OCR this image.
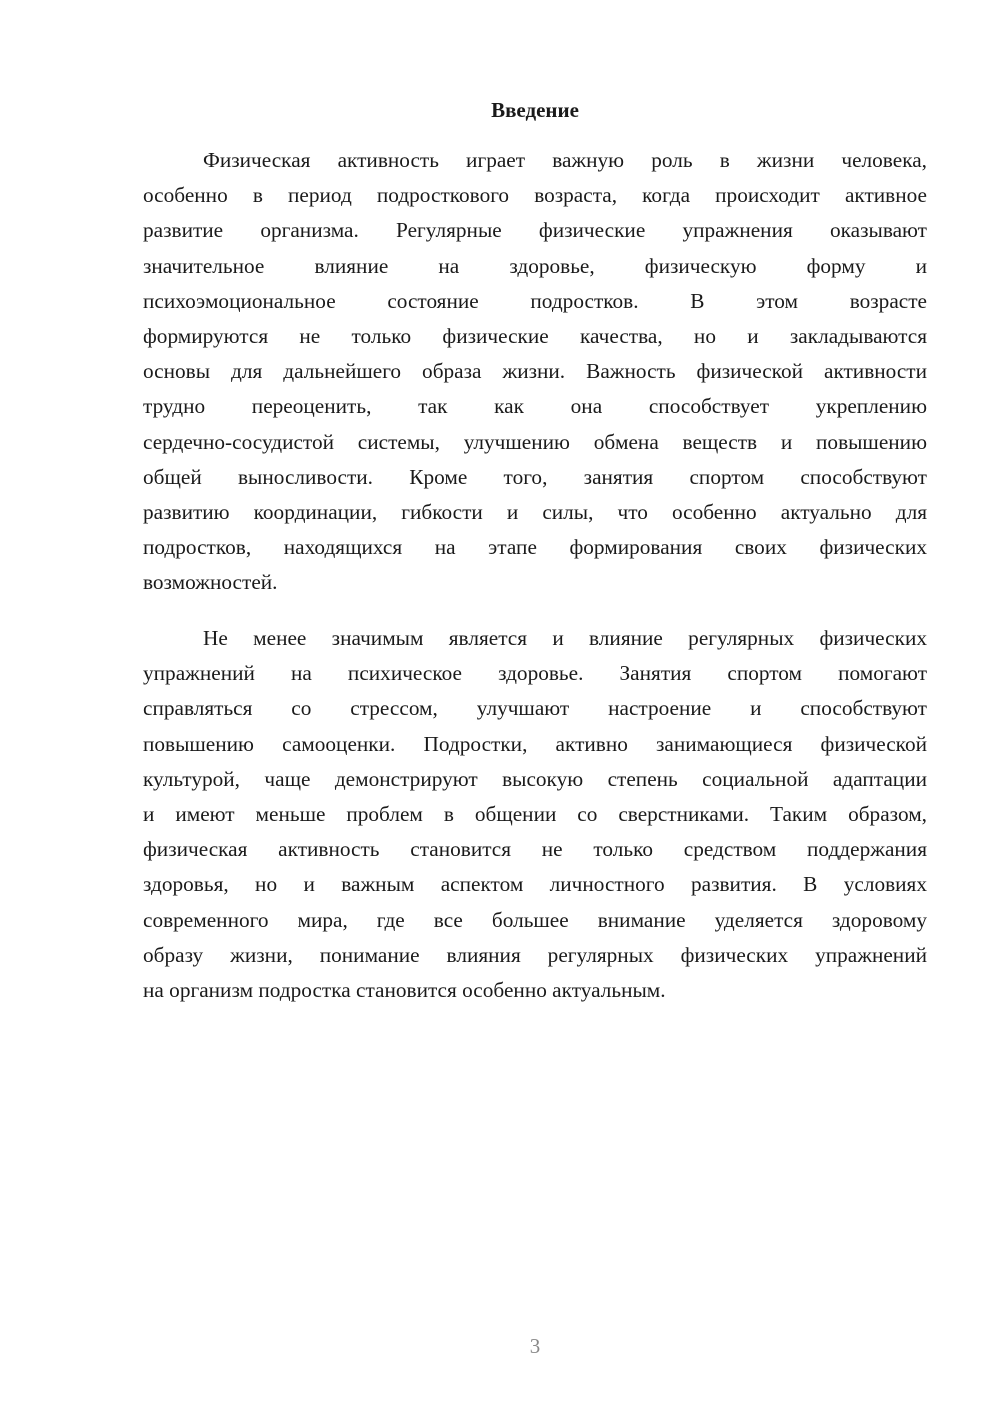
Введение
Физическая активность играет важную роль в жизни человека,
особенно в период подросткового возраста, когда происходит активное
развитие организма. Регулярные физические упражнения оказывают
значительное влияние на здоровье, физическую форму и
психоэмоциональное состояние подростков. В этом возрасте
формируются не только физические качества, но и закладываются
основы для дальнейшего образа жизни. Важность физической активности
трудно переоценить, так как она способствует укреплению
сердечно-сосудистой системы, улучшению обмена веществ и повышению
общей выносливости. Кроме того, занятия спортом способствуют
развитию координации, гибкости и силы, что особенно актуально для
подростков, находящихся на этапе формирования своих физических
возможностей.
Не менее значимым является и влияние регулярных физических
упражнений на психическое здоровье. Занятия спортом помогают
справляться со стрессом, улучшают настроение и способствуют
повышению самооценки. Подростки, активно занимающиеся физической
культурой, чаще демонстрируют высокую степень социальной адаптации
и имеют меньше проблем в общении со сверстниками. Таким образом,
физическая активность становится не только средством поддержания
здоровья, но и важным аспектом личностного развития. В условиях
современного мира, где все большее внимание уделяется здоровому
образу жизни, понимание влияния регулярных физических упражнений
на организм подростка становится особенно актуальным.
3
